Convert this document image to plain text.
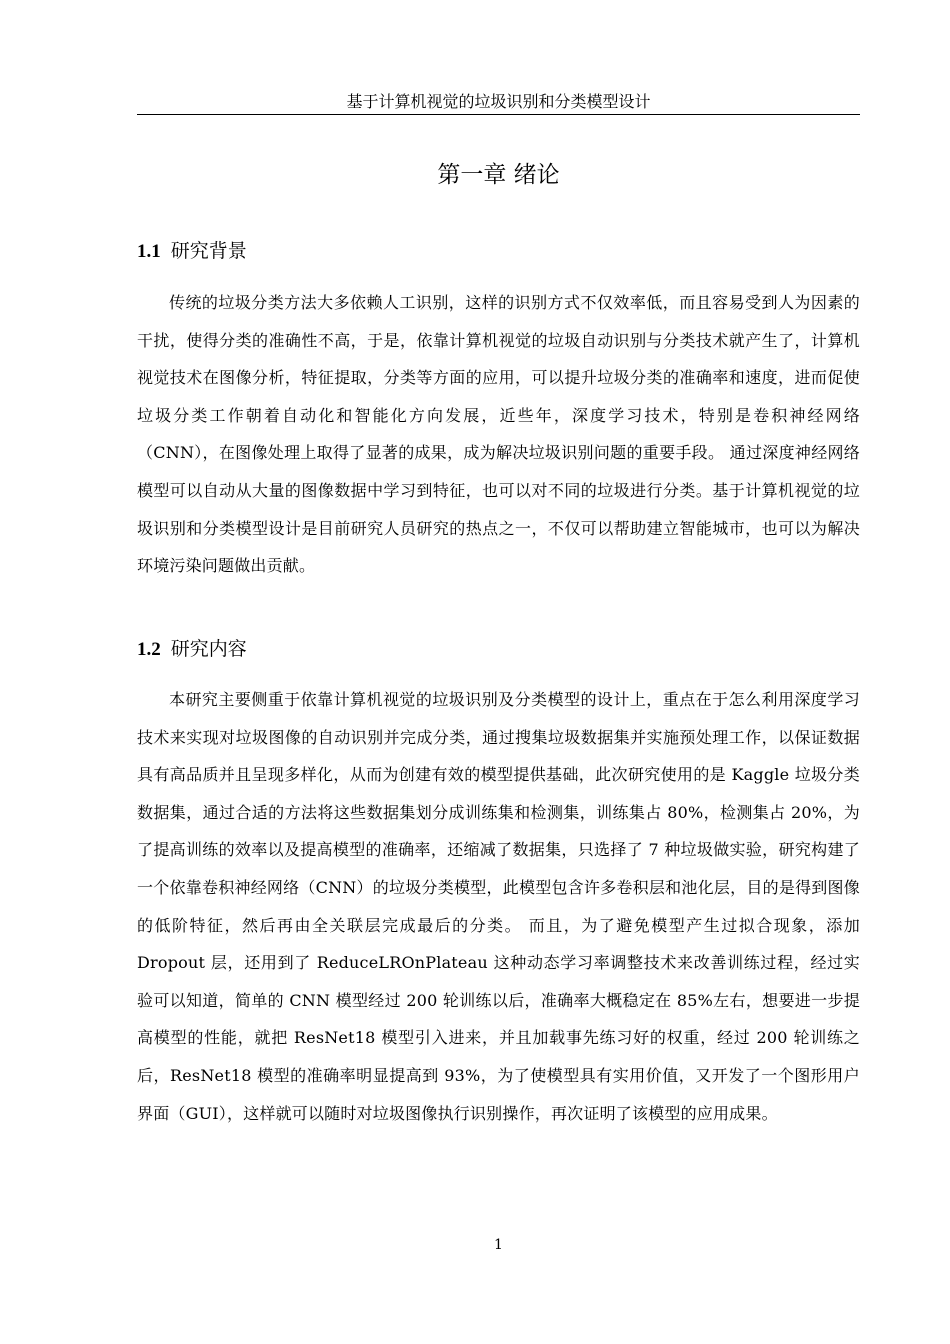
基于计算机视觉的垃圾识别和分类模型设计
第一章 绪论
1.1 研究背景

传统的垃圾分类方法大多依赖人工识别，这样的识别方式不仅效率低，而且容易受到人为因素的干扰，使得分类的准确性不高，于是，依靠计算机视觉的垃圾自动识别与分类技术就产生了，计算机视觉技术在图像分析，特征提取，分类等方面的应用，可以提升垃圾分类的准确率和速度，进而促使垃圾分类工作朝着自动化和智能化方向发展，近些年，深度学习技术，特别是卷积神经网络（CNN），在图像处理上取得了显著的成果，成为解决垃圾识别问题的重要手段。 通过深度神经网络模型可以自动从大量的图像数据中学习到特征，也可以对不同的垃圾进行分类。基于计算机视觉的垃圾识别和分类模型设计是目前研究人员研究的热点之一，不仅可以帮助建立智能城市，也可以为解决环境污染问题做出贡献。

1.2 研究内容

本研究主要侧重于依靠计算机视觉的垃圾识别及分类模型的设计上，重点在于怎么利用深度学习技术来实现对垃圾图像的自动识别并完成分类，通过搜集垃圾数据集并实施预处理工作，以保证数据具有高品质并且呈现多样化，从而为创建有效的模型提供基础，此次研究使用的是 Kaggle 垃圾分类数据集，通过合适的方法将这些数据集划分成训练集和检测集，训练集占 80%，检测集占 20%，为了提高训练的效率以及提高模型的准确率，还缩减了数据集，只选择了 7 种垃圾做实验，研究构建了一个依靠卷积神经网络（CNN）的垃圾分类模型，此模型包含许多卷积层和池化层，目的是得到图像的低阶特征，然后再由全关联层完成最后的分类。 而且，为了避免模型产生过拟合现象，添加 Dropout 层，还用到了 ReduceLROnPlateau 这种动态学习率调整技术来改善训练过程，经过实验可以知道，简单的 CNN 模型经过 200 轮训练以后，准确率大概稳定在 85%左右，想要进一步提高模型的性能，就把 ResNet18 模型引入进来，并且加载事先练习好的权重，经过 200 轮训练之后，ResNet18 模型的准确率明显提高到 93%，为了使模型具有实用价值，又开发了一个图形用户界面（GUI），这样就可以随时对垃圾图像执行识别操作，再次证明了该模型的应用成果。

1
